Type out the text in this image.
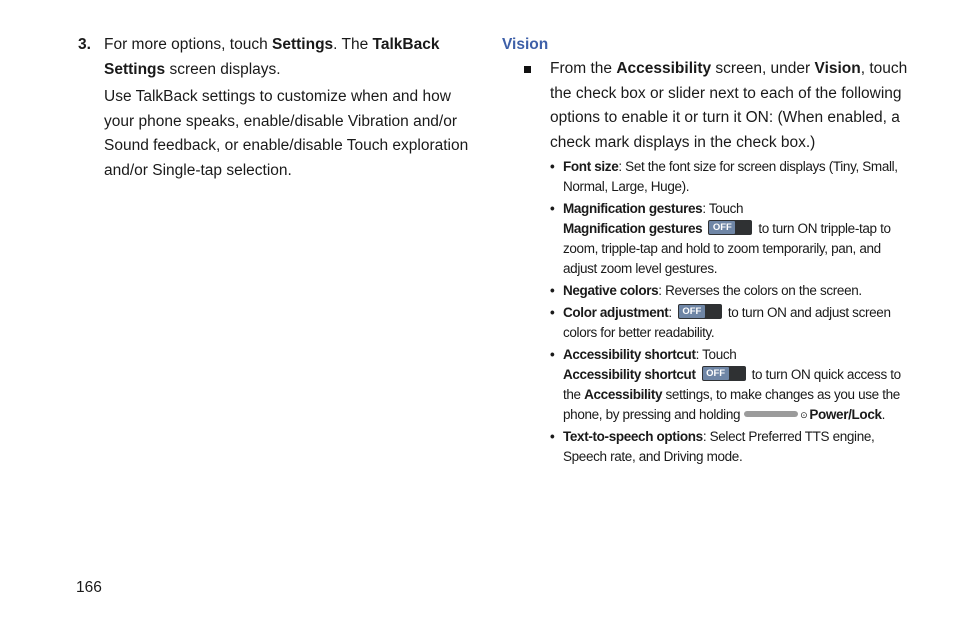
3. For more options, touch Settings. The TalkBack Settings screen displays.
Use TalkBack settings to customize when and how your phone speaks, enable/disable Vibration and/or Sound feedback, or enable/disable Touch exploration and/or Single-tap selection.
Vision
From the Accessibility screen, under Vision, touch the check box or slider next to each of the following options to enable it or turn it ON: (When enabled, a check mark displays in the check box.)
• Font size: Set the font size for screen displays (Tiny, Small, Normal, Large, Huge).
• Magnification gestures: Touch
Magnification gestures	OFF to turn ON tripple-tap to zoom, tripple-tap and hold to zoom temporarily, pan, and adjust zoom level gestures.
• Negative colors: Reverses the colors on the screen.
• Color adjustment:	OFF to turn ON and adjust screen colors for better readability.
• Accessibility shortcut: Touch
Accessibility shortcut	OFF to turn ON quick access to the Accessibility settings, to make changes as you use the phone, by pressing and holding	⊙ Power/Lock.
• Text-to-speech options: Select Preferred TTS engine, Speech rate, and Driving mode.
166
